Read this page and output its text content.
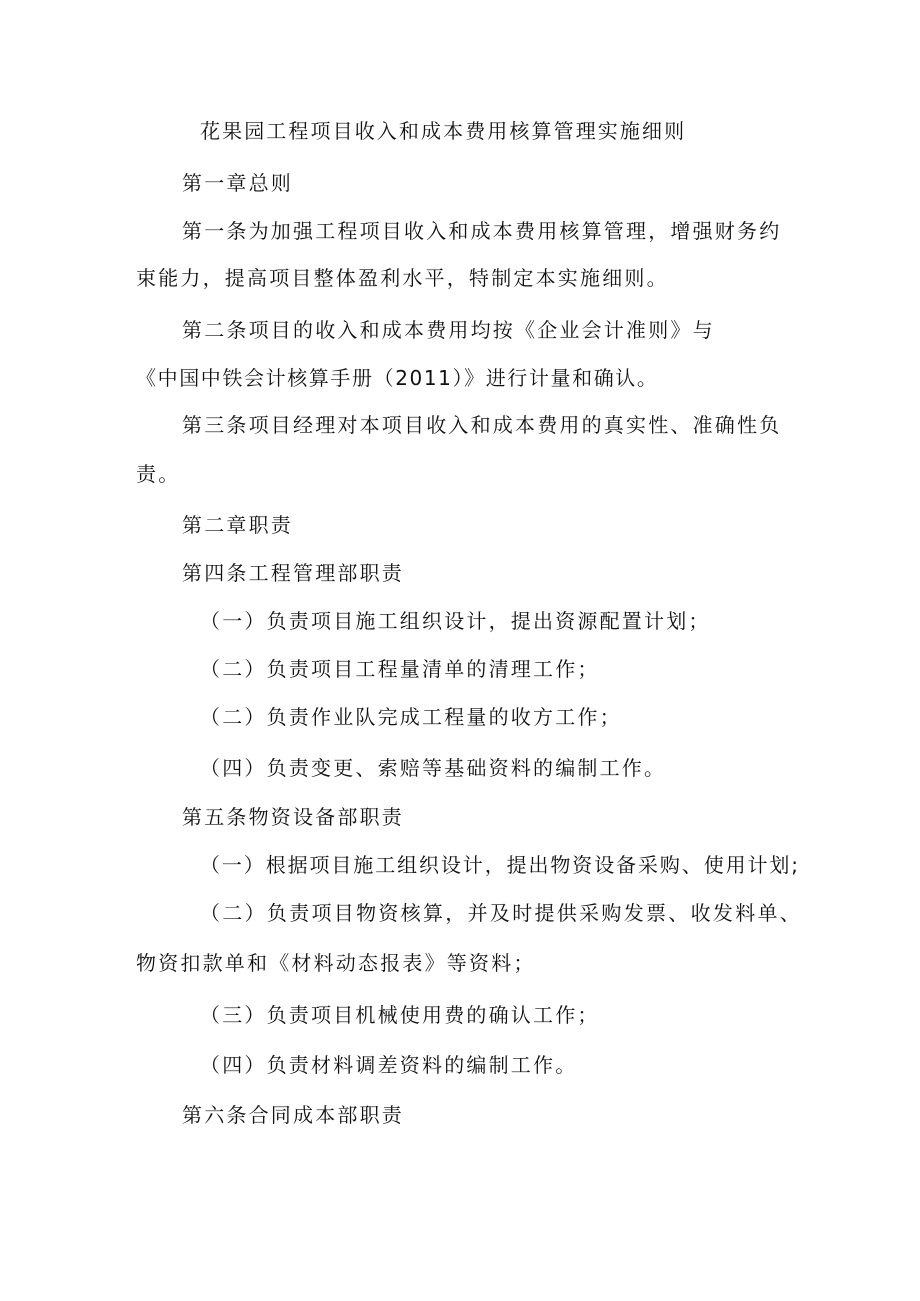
花果园工程项目收入和成本费用核算管理实施细则
第一章总则
第一条为加强工程项目收入和成本费用核算管理，增强财务约
束能力，提高项目整体盈利水平，特制定本实施细则。
第二条项目的收入和成本费用均按《企业会计准则》与
《中国中铁会计核算手册（2011）》进行计量和确认。
第三条项目经理对本项目收入和成本费用的真实性、准确性负
责。
第二章职责
第四条工程管理部职责
（一）负责项目施工组织设计，提出资源配置计划；
（二）负责项目工程量清单的清理工作；
（二）负责作业队完成工程量的收方工作；
（四）负责变更、索赔等基础资料的编制工作。
第五条物资设备部职责
（一）根据项目施工组织设计，提出物资设备采购、使用计划;
（二）负责项目物资核算，并及时提供采购发票、收发料单、
物资扣款单和《材料动态报表》等资料；
（三）负责项目机械使用费的确认工作；
（四）负责材料调差资料的编制工作。
第六条合同成本部职责
